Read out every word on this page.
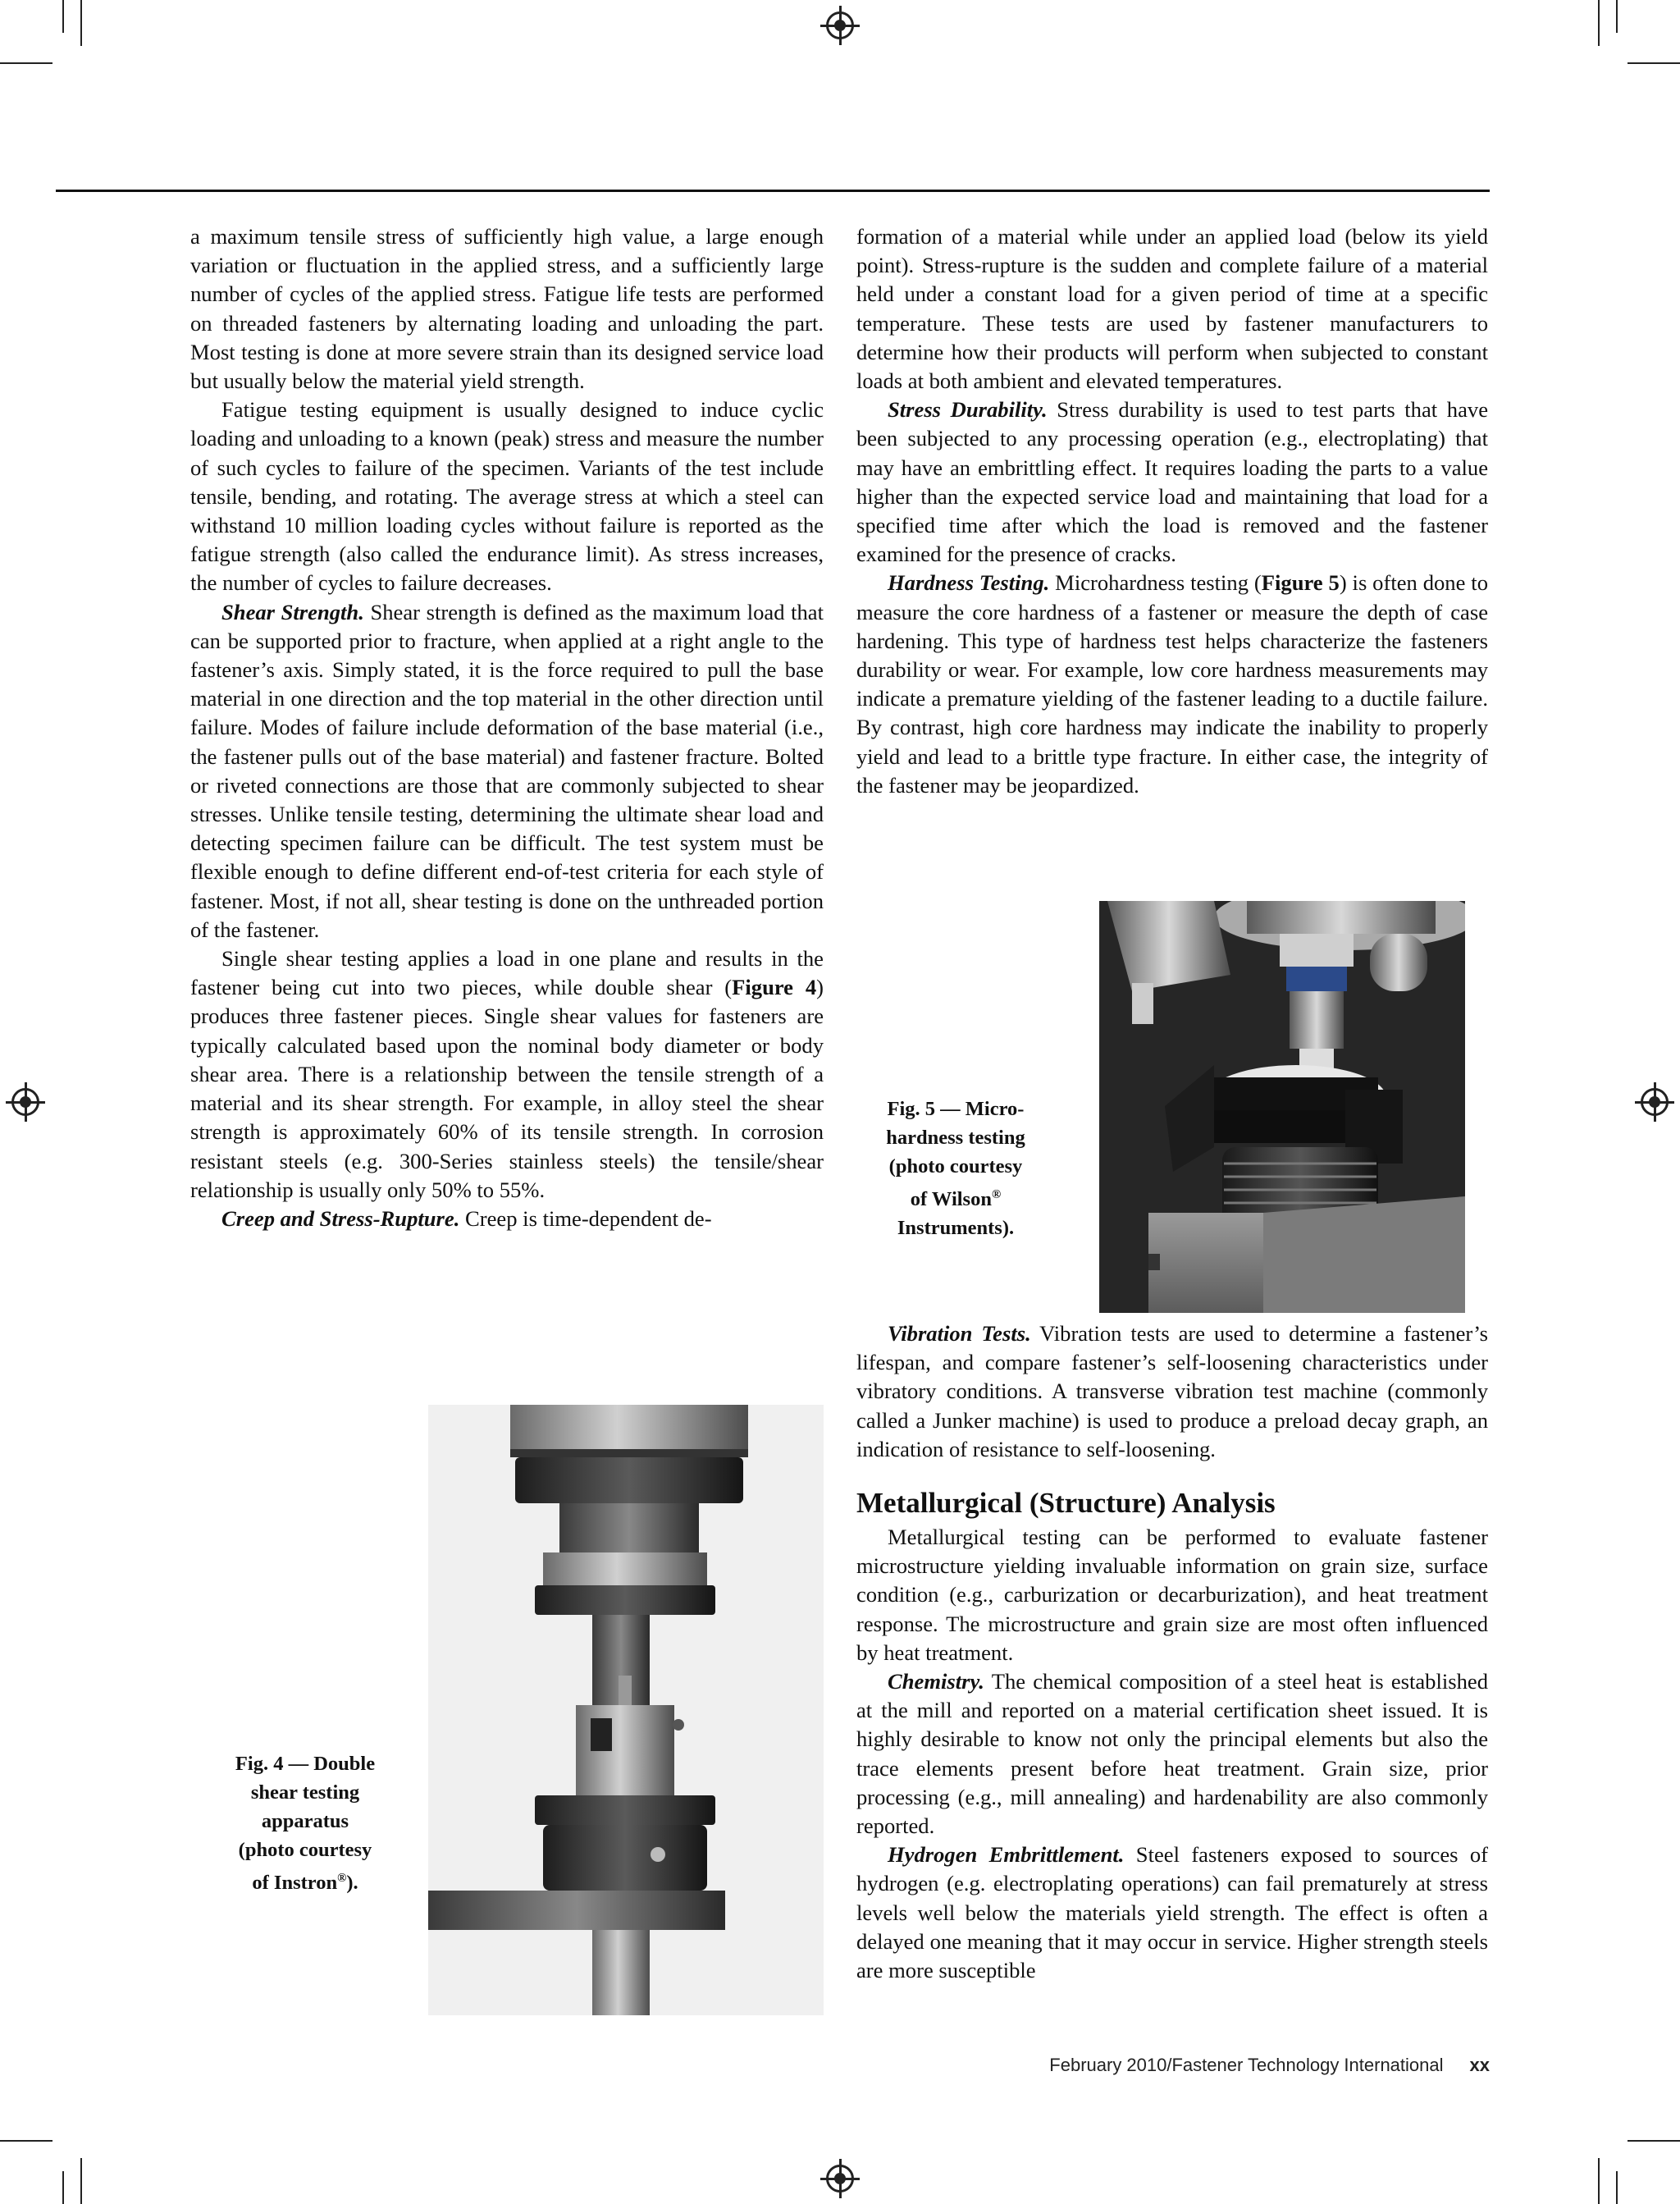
a maximum tensile stress of sufficiently high value, a large enough variation or fluctuation in the applied stress, and a sufficiently large number of cycles of the applied stress. Fatigue life tests are performed on threaded fasteners by alternating loading and unloading the part. Most testing is done at more severe strain than its designed service load but usually below the material yield strength.

Fatigue testing equipment is usually designed to induce cyclic loading and unloading to a known (peak) stress and measure the number of such cycles to failure of the specimen. Variants of the test include tensile, bending, and rotating. The average stress at which a steel can withstand 10 million loading cycles without failure is reported as the fatigue strength (also called the endurance limit). As stress increases, the number of cycles to failure decreases.

Shear Strength. Shear strength is defined as the maximum load that can be supported prior to fracture, when applied at a right angle to the fastener’s axis. Simply stated, it is the force required to pull the base material in one direction and the top material in the other direction until failure. Modes of failure include deformation of the base material (i.e., the fastener pulls out of the base material) and fastener fracture. Bolted or riveted connections are those that are commonly subjected to shear stresses. Unlike tensile testing, determining the ultimate shear load and detecting specimen failure can be difficult. The test system must be flexible enough to define different end-of-test criteria for each style of fastener. Most, if not all, shear testing is done on the unthreaded portion of the fastener.

Single shear testing applies a load in one plane and results in the fastener being cut into two pieces, while double shear (Figure 4) produces three fastener pieces. Single shear values for fasteners are typically calculated based upon the nominal body diameter or body shear area. There is a relationship between the tensile strength of a material and its shear strength. For example, in alloy steel the shear strength is approximately 60% of its tensile strength. In corrosion resistant steels (e.g. 300-Series stainless steels) the tensile/shear relationship is usually only 50% to 55%.

Creep and Stress-Rupture. Creep is time-dependent de-

formation of a material while under an applied load (below its yield point). Stress-rupture is the sudden and complete failure of a material held under a constant load for a given period of time at a specific temperature. These tests are used by fastener manufacturers to determine how their products will perform when subjected to constant loads at both ambient and elevated temperatures.

Stress Durability. Stress durability is used to test parts that have been subjected to any processing operation (e.g., electroplating) that may have an embrittling effect. It requires loading the parts to a value higher than the expected service load and maintaining that load for a specified time after which the load is removed and the fastener examined for the presence of cracks.

Hardness Testing. Microhardness testing (Figure 5) is often done to measure the core hardness of a fastener or measure the depth of case hardening. This type of hardness test helps characterize the fasteners durability or wear. For example, low core hardness measurements may indicate a premature yielding of the fastener leading to a ductile failure. By contrast, high core hardness may indicate the inability to properly yield and lead to a brittle type fracture. In either case, the integrity of the fastener may be jeopardized.

Fig. 5 — Micro-
hardness testing
(photo courtesy
of Wilson®
Instruments).

Vibration Tests. Vibration tests are used to determine a fastener’s lifespan, and compare fastener’s self-loosening characteristics under vibratory conditions. A transverse vibration test machine (commonly called a Junker machine) is used to produce a preload decay graph, an indication of resistance to self-loosening.

Metallurgical (Structure) Analysis

Metallurgical testing can be performed to evaluate fastener microstructure yielding invaluable information on grain size, surface condition (e.g., carburization or decarburization), and heat treatment response. The microstructure and grain size are most often influenced by heat treatment.

Chemistry. The chemical composition of a steel heat is established at the mill and reported on a material certification sheet issued. It is highly desirable to know not only the principal elements but also the trace elements present before heat treatment. Grain size, prior processing (e.g., mill annealing) and hardenability are also commonly reported.

Hydrogen Embrittlement. Steel fasteners exposed to sources of hydrogen (e.g. electroplating operations) can fail prematurely at stress levels well below the materials yield strength. The effect is often a delayed one meaning that it may occur in service. Higher strength steels are more susceptible

Fig. 4 — Double
shear testing
apparatus
(photo courtesy
of Instron®).
February 2010/Fastener Technology International xx
